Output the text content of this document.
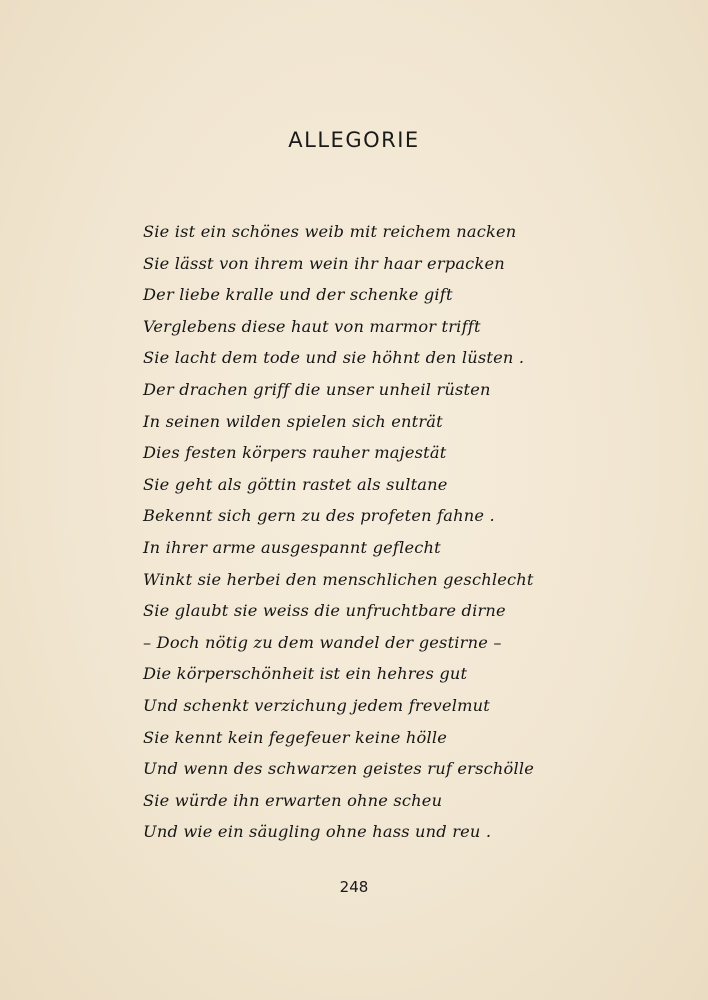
ALLEGORIE
Sie ist ein schönes weib mit reichem nacken
Sie lässt von ihrem wein ihr haar erpacken
Der liebe kralle und der schenke gift
Verglebens diese haut von marmor trifft
Sie lacht dem tode und sie höhnt den lüsten .
Der drachen griff die unser unheil rüsten
In seinen wilden spielen sich enträt
Dies festen körpers rauher majestät
Sie geht als göttin rastet als sultane
Bekennt sich gern zu des profeten fahne .
In ihrer arme ausgespannt geflecht
Winkt sie herbei den menschlichen geschlecht
Sie glaubt sie weiss die unfruchtbare dirne
– Doch nötig zu dem wandel der gestirne –
Die körperschönheit ist ein hehres gut
Und schenkt verzichung jedem frevelmut
Sie kennt kein fegefeuer keine hölle
Und wenn des schwarzen geistes ruf erschölle
Sie würde ihn erwarten ohne scheu
Und wie ein säugling ohne hass und reu .
248
